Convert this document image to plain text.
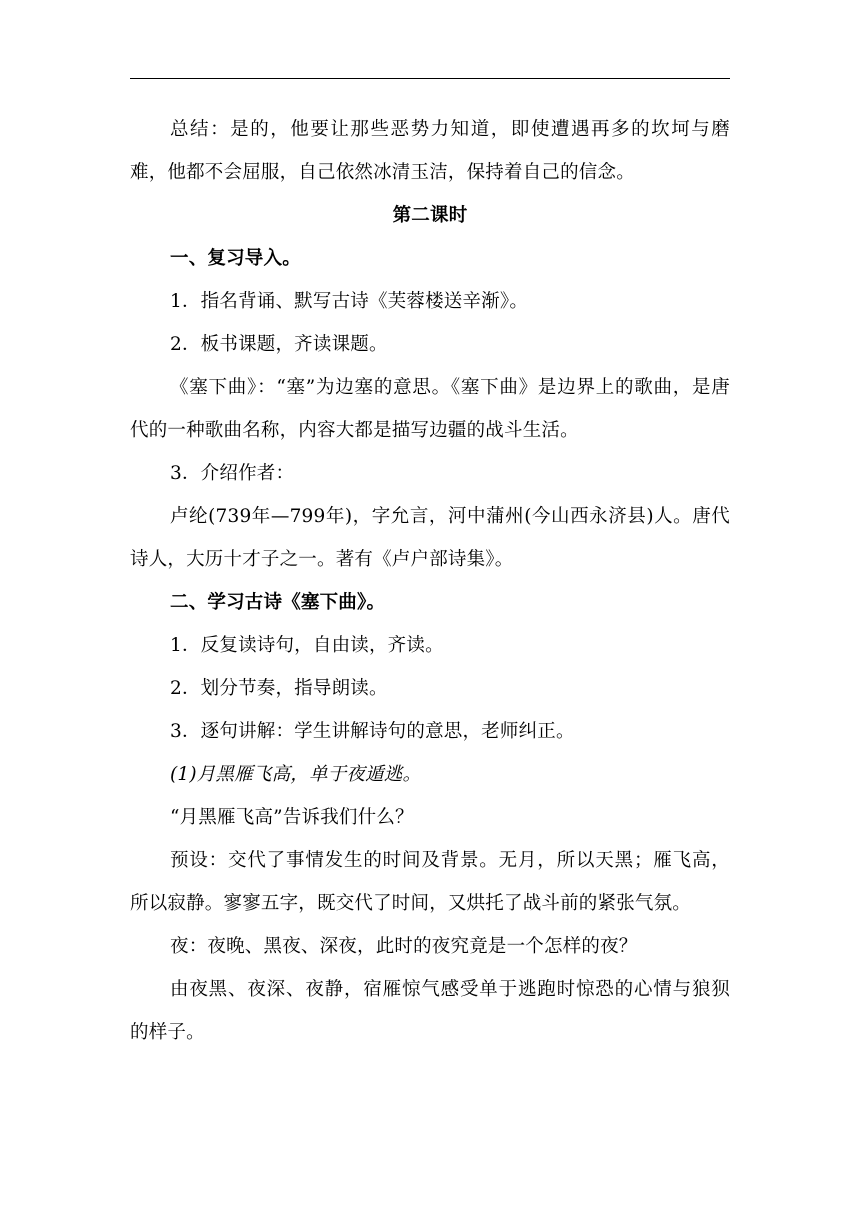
总结：是的，他要让那些恶势力知道，即使遭遇再多的坎坷与磨难，他都不会屈服，自己依然冰清玉洁，保持着自己的信念。

第二课时

一、复习导入。

1．指名背诵、默写古诗《芙蓉楼送辛渐》。

2．板书课题，齐读课题。

《塞下曲》：“塞”为边塞的意思。《塞下曲》是边界上的歌曲，是唐代的一种歌曲名称，内容大都是描写边疆的战斗生活。

3．介绍作者：

卢纶(739年—799年)，字允言，河中蒲州(今山西永济县)人。唐代诗人，大历十才子之一。著有《卢户部诗集》。

二、学习古诗《塞下曲》。

1．反复读诗句，自由读，齐读。

2．划分节奏，指导朗读。

3．逐句讲解：学生讲解诗句的意思，老师纠正。

(1)月黑雁飞高，单于夜遁逃。

“月黑雁飞高”告诉我们什么？

预设：交代了事情发生的时间及背景。无月，所以天黑；雁飞高，所以寂静。寥寥五字，既交代了时间，又烘托了战斗前的紧张气氛。

夜：夜晚、黑夜、深夜，此时的夜究竟是一个怎样的夜？

由夜黑、夜深、夜静，宿雁惊气感受单于逃跑时惊恐的心情与狼狈的样子。
